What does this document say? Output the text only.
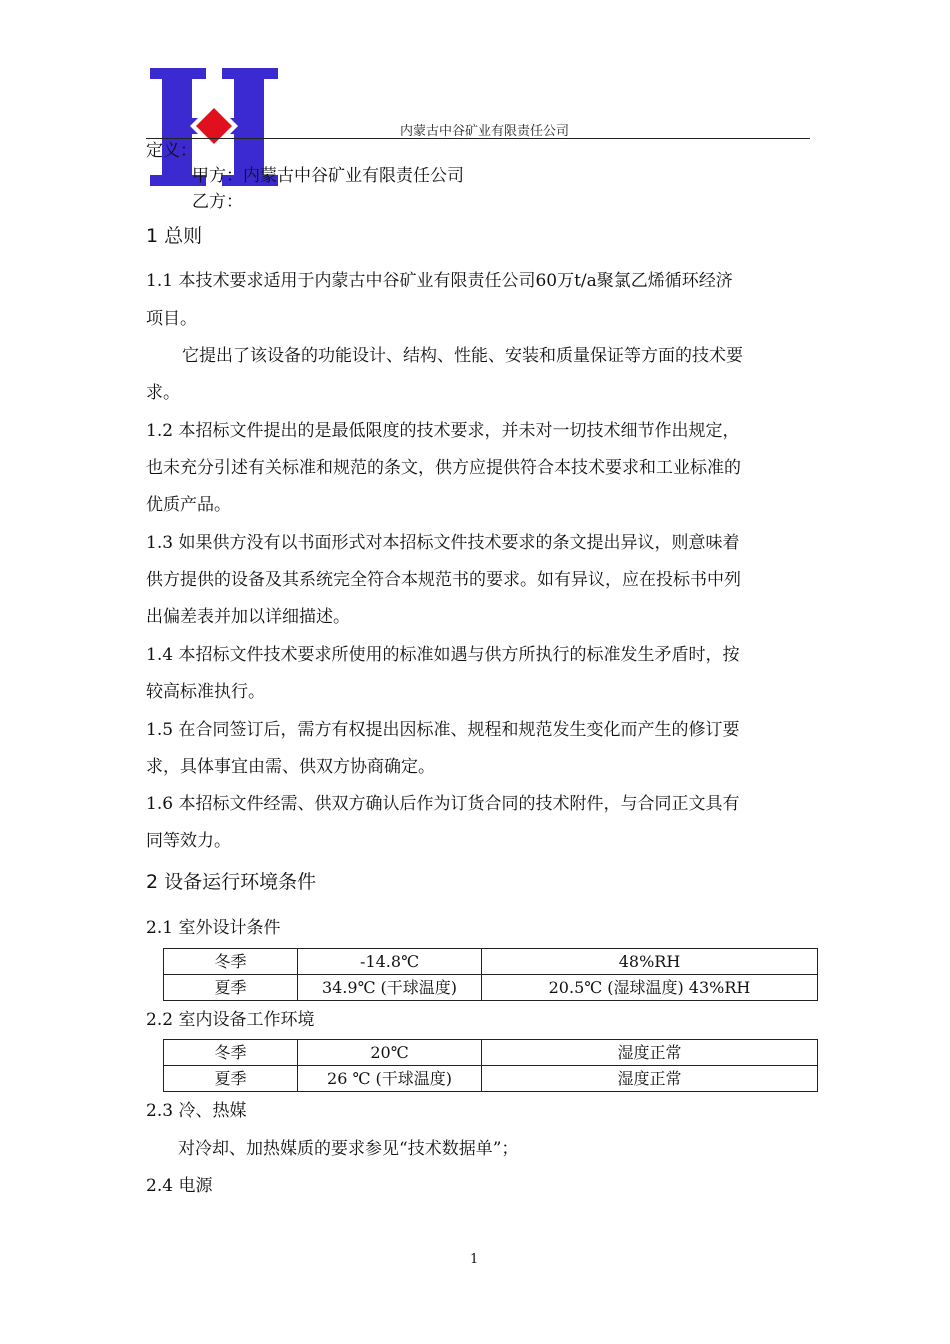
内蒙古中谷矿业有限责任公司
定义：
甲方：内蒙古中谷矿业有限责任公司
乙方：
1 总则
1.1 本技术要求适用于内蒙古中谷矿业有限责任公司60万t/a聚氯乙烯循环经济
项目。
它提出了该设备的功能设计、结构、性能、安装和质量保证等方面的技术要
求。
1.2 本招标文件提出的是最低限度的技术要求，并未对一切技术细节作出规定，
也未充分引述有关标准和规范的条文，供方应提供符合本技术要求和工业标准的
优质产品。
1.3 如果供方没有以书面形式对本招标文件技术要求的条文提出异议，则意味着
供方提供的设备及其系统完全符合本规范书的要求。如有异议，应在投标书中列
出偏差表并加以详细描述。
1.4 本招标文件技术要求所使用的标准如遇与供方所执行的标准发生矛盾时，按
较高标准执行。
1.5 在合同签订后，需方有权提出因标准、规程和规范发生变化而产生的修订要
求，具体事宜由需、供双方协商确定。
1.6 本招标文件经需、供双方确认后作为订货合同的技术附件，与合同正文具有
同等效力。
2 设备运行环境条件
2.1 室外设计条件
冬季	-14.8℃	48%RH
夏季	34.9℃ (干球温度)	20.5℃ (湿球温度) 43%RH
2.2 室内设备工作环境
冬季	20℃	湿度正常
夏季	26 ℃ (干球温度)	湿度正常
2.3 冷、热媒
对冷却、加热媒质的要求参见“技术数据单”；
2.4 电源
1
